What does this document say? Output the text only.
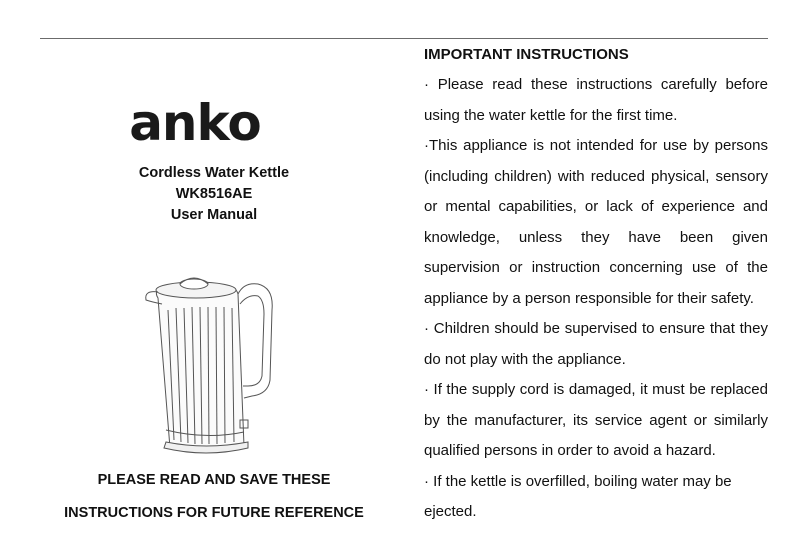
anko
Cordless Water Kettle
WK8516AE
User Manual
PLEASE READ AND SAVE THESE
INSTRUCTIONS FOR FUTURE REFERENCE
IMPORTANT INSTRUCTIONS

· Please read these instructions carefully before using the water kettle for the first time.

·This appliance is not intended for use by persons (including children) with reduced physical, sensory or mental capabilities, or lack of experience and knowledge, unless they have been given supervision or instruction concerning use of the appliance by a person responsible for their safety.

· Children should be supervised to ensure that they do not play with the appliance.

· If the supply cord is damaged, it must be replaced by the manufacturer, its service agent or similarly qualified persons in order to avoid a hazard.

· If the kettle is overfilled, boiling water may be ejected.
